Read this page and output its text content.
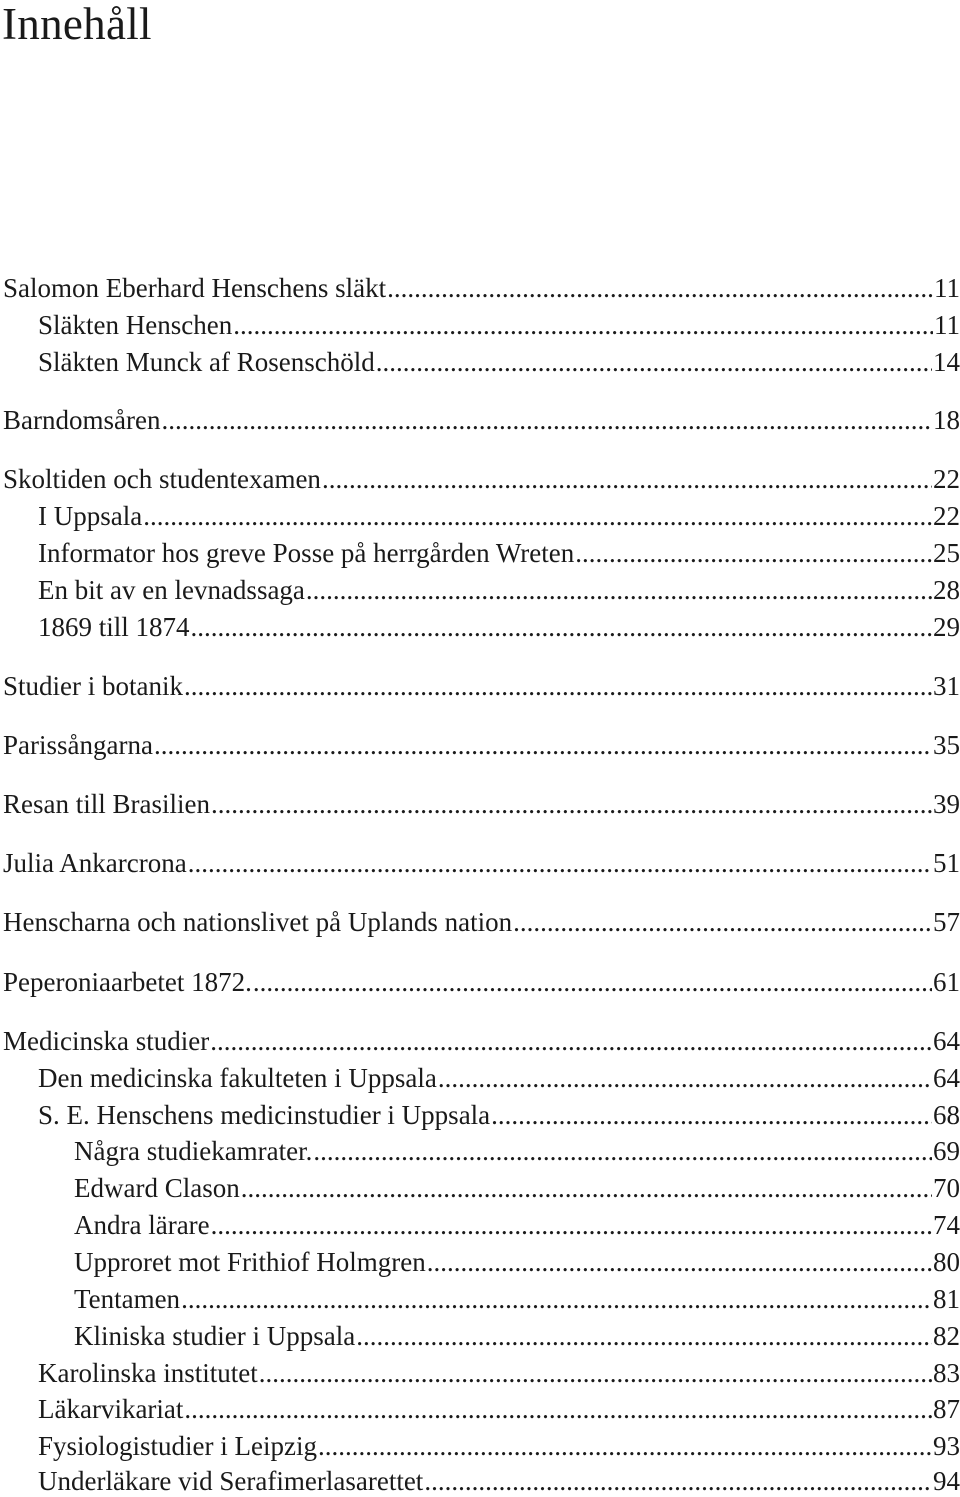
Innehåll
Salomon Eberhard Henschens släkt .....	11
Släkten Henschen .....	11
Släkten Munck af Rosenschöld .....	14
Barndomsåren .....	18
Skoltiden och studentexamen .....	22
I Uppsala .....	22
Informator hos greve Posse på herrgården Wreten .....	25
En bit av en levnadssaga .....	28
1869 till 1874 .....	29
Studier i botanik .....	31
Parissångarna .....	35
Resan till Brasilien .....	39
Julia Ankarcrona .....	51
Henscharna och nationslivet på Uplands nation .....	57
Peperoniaarbetet 1872. .....	61
Medicinska studier .....	64
Den medicinska fakulteten i Uppsala .....	64
S. E. Henschens medicinstudier i Uppsala .....	68
Några studiekamrater. .....	69
Edward Clason .....	70
Andra lärare .....	74
Upproret mot Frithiof Holmgren .....	80
Tentamen .....	81
Kliniska studier i Uppsala .....	82
Karolinska institutet .....	83
Läkarvikariat .....	87
Fysiologistudier i Leipzig .....	93
Underläkare vid Serafimerlasarettet .....	94
